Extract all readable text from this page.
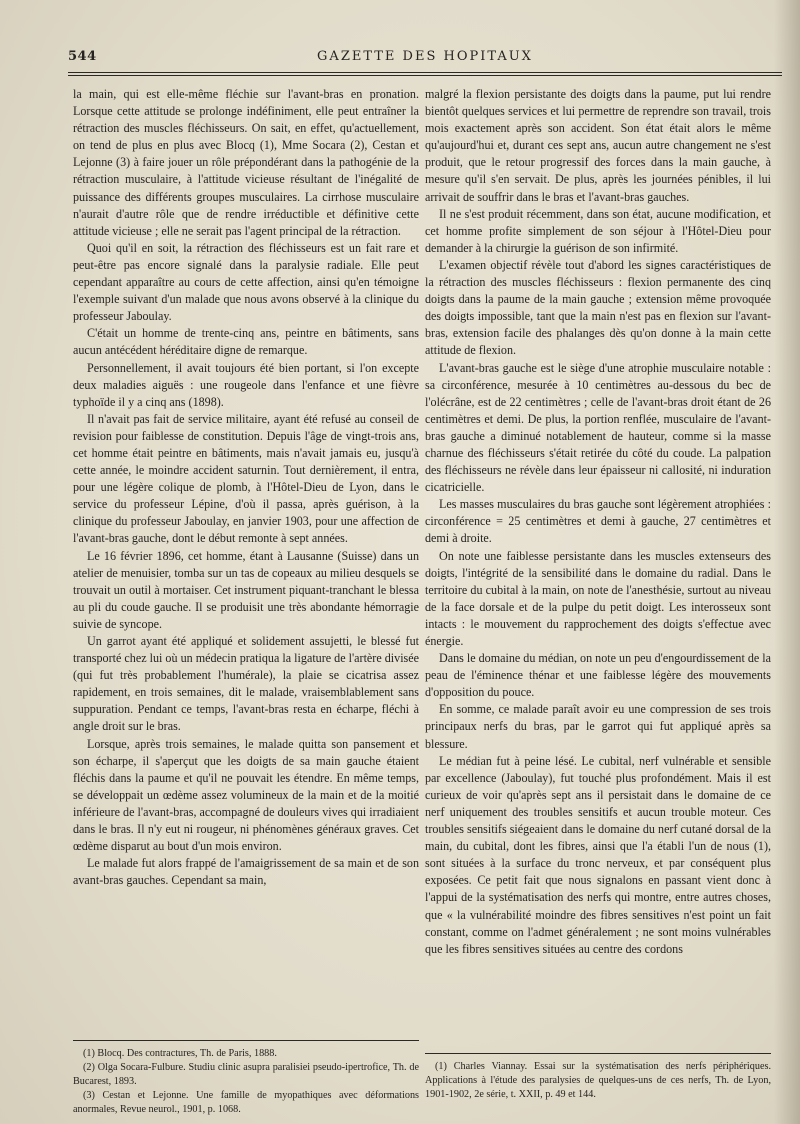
544	GAZETTE DES HOPITAUX

la main, qui est elle-même fléchie sur l'avant-bras en pronation. Lorsque cette attitude se prolonge indéfiniment, elle peut entraîner la rétraction des muscles fléchisseurs. On sait, en effet, qu'actuellement, on tend de plus en plus avec Blocq (1), Mme Socara (2), Cestan et Lejonne (3) à faire jouer un rôle prépondérant dans la pathogénie de la rétraction musculaire, à l'attitude vicieuse résultant de l'inégalité de puissance des différents groupes musculaires. La cirrhose musculaire n'aurait d'autre rôle que de rendre irréductible et définitive cette attitude vicieuse ; elle ne serait pas l'agent principal de la rétraction.

Quoi qu'il en soit, la rétraction des fléchisseurs est un fait rare et peut-être pas encore signalé dans la paralysie radiale. Elle peut cependant apparaître au cours de cette affection, ainsi qu'en témoigne l'exemple suivant d'un malade que nous avons observé à la clinique du professeur Jaboulay.

C'était un homme de trente-cinq ans, peintre en bâtiments, sans aucun antécédent héréditaire digne de remarque.

Personnellement, il avait toujours été bien portant, si l'on excepte deux maladies aiguës : une rougeole dans l'enfance et une fièvre typhoïde il y a cinq ans (1898).

Il n'avait pas fait de service militaire, ayant été refusé au conseil de revision pour faiblesse de constitution. Depuis l'âge de vingt-trois ans, cet homme était peintre en bâtiments, mais n'avait jamais eu, jusqu'à cette année, le moindre accident saturnin. Tout dernièrement, il entra, pour une légère colique de plomb, à l'Hôtel-Dieu de Lyon, dans le service du professeur Lépine, d'où il passa, après guérison, à la clinique du professeur Jaboulay, en janvier 1903, pour une affection de l'avant-bras gauche, dont le début remonte à sept années.

Le 16 février 1896, cet homme, étant à Lausanne (Suisse) dans un atelier de menuisier, tomba sur un tas de copeaux au milieu desquels se trouvait un outil à mortaiser. Cet instrument piquant-tranchant le blessa au pli du coude gauche. Il se produisit une très abondante hémorragie suivie de syncope.

Un garrot ayant été appliqué et solidement assujetti, le blessé fut transporté chez lui où un médecin pratiqua la ligature de l'artère divisée (qui fut très probablement l'humérale), la plaie se cicatrisa assez rapidement, en trois semaines, dit le malade, vraisemblablement sans suppuration. Pendant ce temps, l'avant-bras resta en écharpe, fléchi à angle droit sur le bras.

Lorsque, après trois semaines, le malade quitta son pansement et son écharpe, il s'aperçut que les doigts de sa main gauche étaient fléchis dans la paume et qu'il ne pouvait les étendre. En même temps, se développait un œdème assez volumineux de la main et de la moitié inférieure de l'avant-bras, accompagné de douleurs vives qui irradiaient dans le bras. Il n'y eut ni rougeur, ni phénomènes généraux graves. Cet œdème disparut au bout d'un mois environ.

Le malade fut alors frappé de l'amaigrissement de sa main et de son avant-bras gauches. Cependant sa main,

malgré la flexion persistante des doigts dans la paume, put lui rendre bientôt quelques services et lui permettre de reprendre son travail, trois mois exactement après son accident. Son état était alors le même qu'aujourd'hui et, durant ces sept ans, aucun autre changement ne s'est produit, que le retour progressif des forces dans la main gauche, à mesure qu'il s'en servait. De plus, après les journées pénibles, il lui arrivait de souffrir dans le bras et l'avant-bras gauches.

Il ne s'est produit récemment, dans son état, aucune modification, et cet homme profite simplement de son séjour à l'Hôtel-Dieu pour demander à la chirurgie la guérison de son infirmité.

L'examen objectif révèle tout d'abord les signes caractéristiques de la rétraction des muscles fléchisseurs : flexion permanente des cinq doigts dans la paume de la main gauche ; extension même provoquée des doigts impossible, tant que la main n'est pas en flexion sur l'avant-bras, extension facile des phalanges dès qu'on donne à la main cette attitude de flexion.

L'avant-bras gauche est le siège d'une atrophie musculaire notable : sa circonférence, mesurée à 10 centimètres au-dessous du bec de l'olécrâne, est de 22 centimètres ; celle de l'avant-bras droit étant de 26 centimètres et demi. De plus, la portion renflée, musculaire de l'avant-bras gauche a diminué notablement de hauteur, comme si la masse charnue des fléchisseurs s'était retirée du côté du coude. La palpation des fléchisseurs ne révèle dans leur épaisseur ni callosité, ni induration cicatricielle.

Les masses musculaires du bras gauche sont légèrement atrophiées : circonférence = 25 centimètres et demi à gauche, 27 centimètres et demi à droite.

On note une faiblesse persistante dans les muscles extenseurs des doigts, l'intégrité de la sensibilité dans le domaine du radial. Dans le territoire du cubital à la main, on note de l'anesthésie, surtout au niveau de la face dorsale et de la pulpe du petit doigt. Les interosseux sont intacts : le mouvement du rapprochement des doigts s'effectue avec énergie.

Dans le domaine du médian, on note un peu d'engourdissement de la peau de l'éminence thénar et une faiblesse légère des mouvements d'opposition du pouce.

En somme, ce malade paraît avoir eu une compression de ses trois principaux nerfs du bras, par le garrot qui fut appliqué après sa blessure.

Le médian fut à peine lésé. Le cubital, nerf vulnérable et sensible par excellence (Jaboulay), fut touché plus profondément. Mais il est curieux de voir qu'après sept ans il persistait dans le domaine de ce nerf uniquement des troubles sensitifs et aucun trouble moteur. Ces troubles sensitifs siégeaient dans le domaine du nerf cutané dorsal de la main, du cubital, dont les fibres, ainsi que l'a établi l'un de nous (1), sont situées à la surface du tronc nerveux, et par conséquent plus exposées. Ce petit fait que nous signalons en passant vient donc à l'appui de la systématisation des nerfs qui montre, entre autres choses, que « la vulnérabilité moindre des fibres sensitives n'est point un fait constant, comme on l'admet généralement ; ne sont moins vulnérables que les fibres sensitives situées au centre des cordons

(1) Blocq. Des contractures, Th. de Paris, 1888.

(2) Olga Socara-Fulbure. Studiu clinic asupra paralisiei pseudo-ipertrofice, Th. de Bucarest, 1893.

(3) Cestan et Lejonne. Une famille de myopathiques avec déformations anormales, Revue neurol., 1901, p. 1068.

(1) Charles Viannay. Essai sur la systématisation des nerfs périphériques. Applications à l'étude des paralysies de quelques-uns de ces nerfs, Th. de Lyon, 1901-1902, 2e série, t. XXII, p. 49 et 144.
